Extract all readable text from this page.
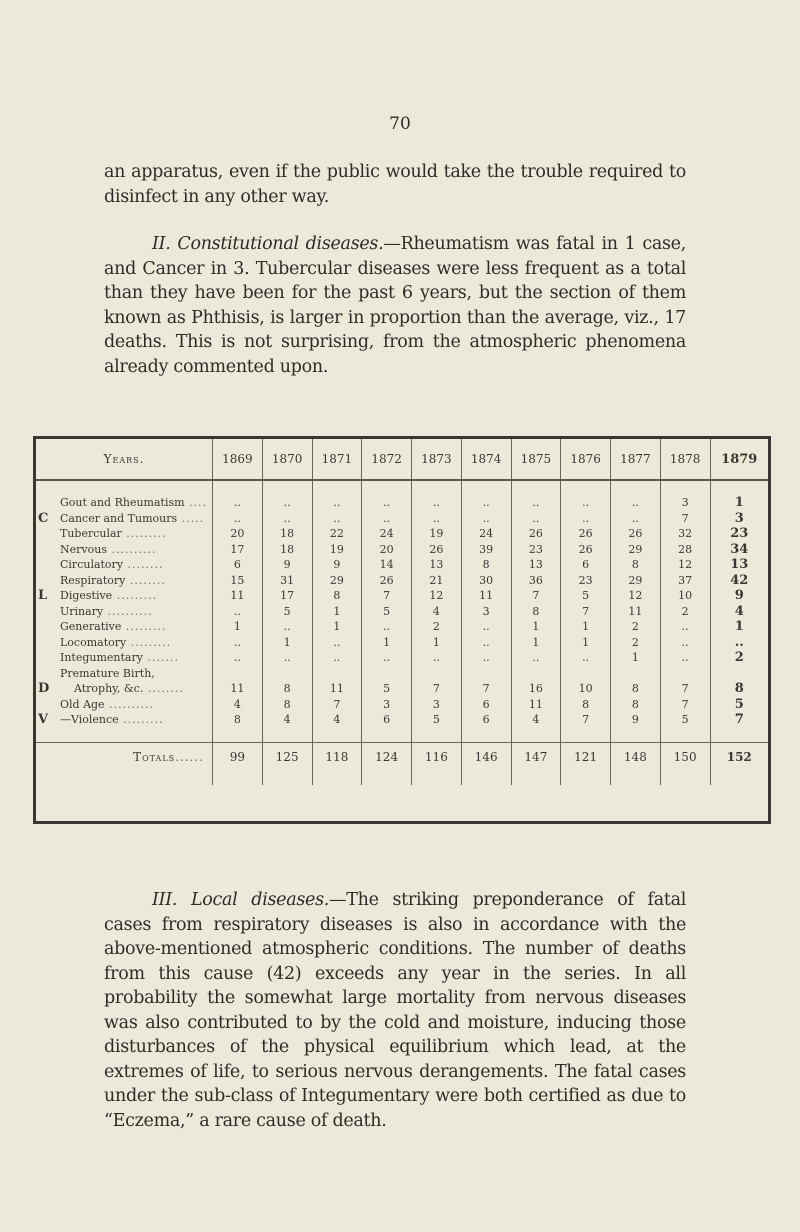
70
an apparatus, even if the public would take the trouble required to disinfect in any other way.
II. Constitutional diseases.—Rheumatism was fatal in 1 case, and Cancer in 3. Tubercular diseases were less frequent as a total than they have been for the past 6 years, but the section of them known as Phthisis, is larger in proportion than the average, viz., 17 deaths. This is not surprising, from the atmospheric phenomena already commented upon.
Years.	1869	1870	1871	1872	1873	1874	1875	1876	1877	1878	1879

Gout and Rheumatism ....	..	..	..	..	..	..	..	..	..	3	1

C Cancer and Tumours .....	..	..	..	..	..	..	..	..	..	7	3
Tubercular .........	20	18	22	24	19	24	26	26	26	32	23
Nervous ..........	17	18	19	20	26	39	23	26	29	28	34
Circulatory ........	6	9	9	14	13	8	13	6	8	12	13
Respiratory ........	15	31	29	26	21	30	36	23	29	37	42

L Digestive .........	11	17	8	7	12	11	7	5	12	10	9
Urinary ..........	..	5	1	5	4	3	8	7	11	2	4
Generative .........	1	..	1	..	2	..	1	1	2	..	1
Locomatory .........	..	1	..	1	1	..	1	1	2	..	..
Integumentary .......	..	..	..	..	..	..	..	..	1	..	2
Premature Birth,											

D Atrophy, &c. ........	11	8	11	5	7	7	16	10	8	7	8
Old Age ..........	4	8	7	3	3	6	11	8	8	7	5

V —Violence .........	8	4	4	6	5	6	4	7	9	5	7

Totals......	99	125	118	124	116	146	147	121	148	150	152

III. Local diseases.—The striking preponderance of fatal cases from respiratory diseases is also in accordance with the above-mentioned atmospheric conditions. The number of deaths from this cause (42) exceeds any year in the series. In all probability the somewhat large mortality from nervous diseases was also contributed to by the cold and moisture, inducing those disturbances of the physical equilibrium which lead, at the extremes of life, to serious nervous derangements. The fatal cases under the sub-class of Integumentary were both certified as due to “Eczema,” a rare cause of death.
